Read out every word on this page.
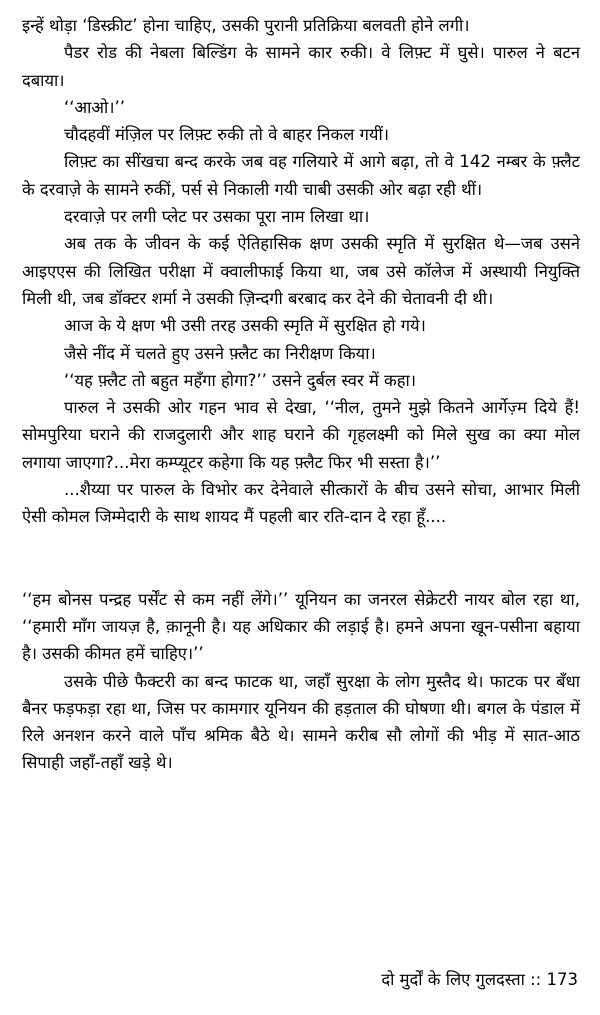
इन्हें थोड़ा ‘डिस्क्रीट’ होना चाहिए, उसकी पुरानी प्रतिक्रिया बलवती होने लगी।

पैडर रोड की नेबला बिल्डिंग के सामने कार रुकी। वे लिफ़्ट में घुसे। पारुल ने बटन दबाया।

‘‘आओ।’’

चौदहवीं मंज़िल पर लिफ़्ट रुकी तो वे बाहर निकल गयीं।

लिफ़्ट का सींखचा बन्द करके जब वह गलियारे में आगे बढ़ा, तो वे 142 नम्बर के फ़्लैट के दरवाज़े के सामने रुकीं, पर्स से निकाली गयी चाबी उसकी ओर बढ़ा रही थीं।

दरवाज़े पर लगी प्लेट पर उसका पूरा नाम लिखा था।

अब तक के जीवन के कई ऐतिहासिक क्षण उसकी स्मृति में सुरक्षित थे—जब उसने आइएएस की लिखित परीक्षा में क्वालीफाई किया था, जब उसे कॉलेज में अस्थायी नियुक्ति मिली थी, जब डॉक्टर शर्मा ने उसकी ज़िन्दगी बरबाद कर देने की चेतावनी दी थी।

आज के ये क्षण भी उसी तरह उसकी स्मृति में सुरक्षित हो गये।

जैसे नींद में चलते हुए उसने फ़्लैट का निरीक्षण किया।

‘‘यह फ़्लैट तो बहुत महँगा होगा?’’ उसने दुर्बल स्वर में कहा।

पारुल ने उसकी ओर गहन भाव से देखा, ‘‘नील, तुमने मुझे कितने आर्गेज़्म दिये हैं! सोमपुरिया घराने की राजदुलारी और शाह घराने की गृहलक्ष्मी को मिले सुख का क्या मोल लगाया जाएगा?...मेरा कम्प्यूटर कहेगा कि यह फ़्लैट फिर भी सस्ता है।’’

...शैय्या पर पारुल के विभोर कर देनेवाले सीत्कारों के बीच उसने सोचा, आभार मिली ऐसी कोमल जिम्मेदारी के साथ शायद मैं पहली बार रति-दान दे रहा हूँ....

‘‘हम बोनस पन्द्रह पर्सेंट से कम नहीं लेंगे।’’ यूनियन का जनरल सेक्रेटरी नायर बोल रहा था, ‘‘हमारी माँग जायज़ है, क़ानूनी है। यह अधिकार की लड़ाई है। हमने अपना खून-पसीना बहाया है। उसकी कीमत हमें चाहिए।’’

उसके पीछे फैक्टरी का बन्द फाटक था, जहाँ सुरक्षा के लोग मुस्तैद थे। फाटक पर बँधा बैनर फड़फड़ा रहा था, जिस पर कामगार यूनियन की हड़ताल की घोषणा थी। बगल के पंडाल में रिले अनशन करने वाले पाँच श्रमिक बैठे थे। सामने करीब सौ लोगों की भीड़ में सात-आठ सिपाही जहाँ-तहाँ खड़े थे।

दो मुर्दों के लिए गुलदस्ता :: 173
